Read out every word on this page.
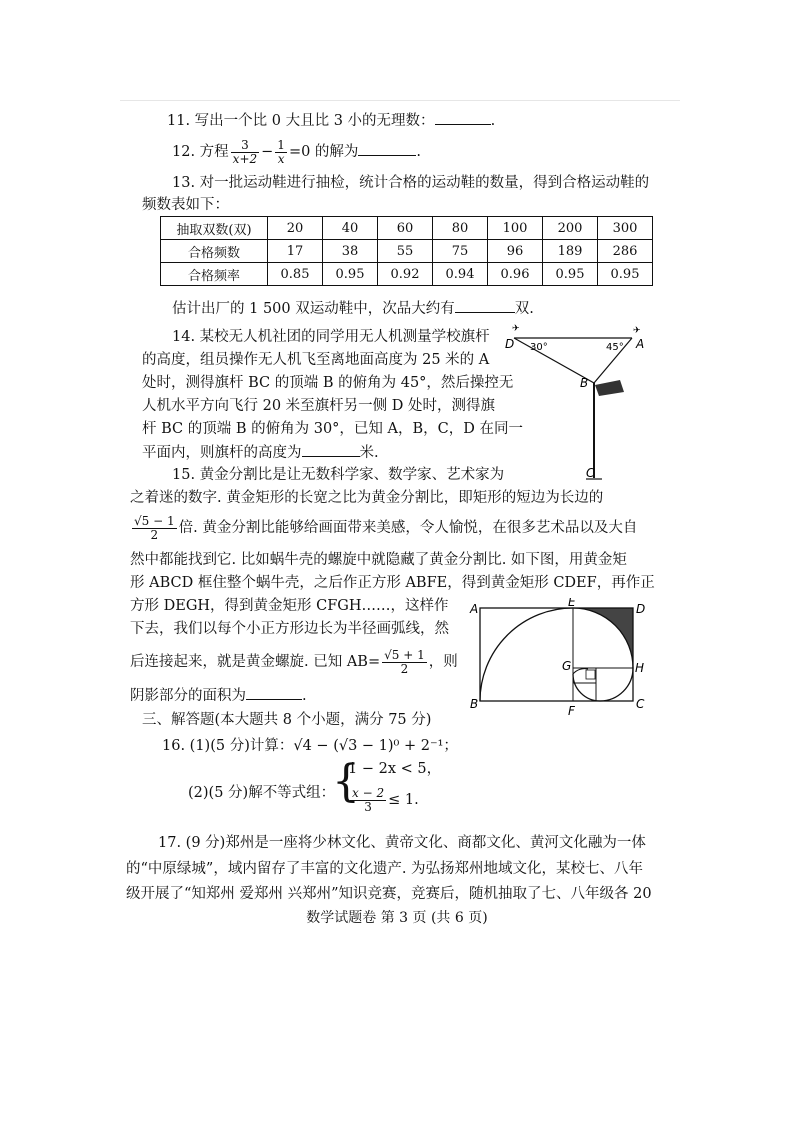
11. 写出一个比 0 大且比 3 小的无理数：	.
12. 方程 $\frac{3}{x+2} - \frac{1}{x} =0$ 的解为	.
13. 对一批运动鞋进行抽检，统计合格的运动鞋的数量，得到合格运动鞋的
频数表如下：
抽取双数(双)	20	40	60	80	100	200	300
合格频数	17	38	55	75	96	189	286
合格频率	0.85	0.95	0.92	0.94	0.96	0.95	0.95
估计出厂的 1 500 双运动鞋中，次品大约有	双.
14. 某校无人机社团的同学用无人机测量学校旗杆
的高度，组员操作无人机飞至离地面高度为 25 米的 A
处时，测得旗杆 BC 的顶端 B 的俯角为 45°，然后操控无
人机水平方向飞行 20 米至旗杆另一侧 D 处时，测得旗
杆 BC 的顶端 B 的俯角为 30°，已知 A，B，C，D 在同一
平面内，则旗杆的高度为	米.
✈	✈
D	A
B
C
30°	45°
15. 黄金分割比是让无数科学家、数学家、艺术家为
之着迷的数字. 黄金矩形的长宽之比为黄金分割比，即矩形的短边为长边的
$\frac{√5 - 1}{2}$ 倍. 黄金分割比能够给画面带来美感，令人愉悦，在很多艺术品以及大自
然中都能找到它. 比如蜗牛壳的螺旋中就隐藏了黄金分割比. 如下图，用黄金矩
形 ABCD 框住整个蜗牛壳，之后作正方形 ABFE，得到黄金矩形 CDEF，再作正
方形 DEGH，得到黄金矩形 CFGH……，这样作
下去，我们以每个小正方形边长为半径画弧线，然
后连接起来，就是黄金螺旋. 已知 $AB= \frac{√5 + 1}{2}$ ，则
阴影部分的面积为	.
A	E	D
B	F	C
G	H
三、解答题(本大题共 8 个小题，满分 75 分)
16. (1)(5 分)计算：√4 − (√3 − 1)⁰ + 2⁻¹；
(2)(5 分)解不等式组：
{
1 − 2x < 5，
$\frac{x - 2}{3} \le 1$.
17. (9 分)郑州是一座将少林文化、黄帝文化、商都文化、黄河文化融为一体
的“中原绿城”，域内留存了丰富的文化遗产. 为弘扬郑州地域文化，某校七、八年
级开展了“知郑州 爱郑州 兴郑州”知识竞赛，竞赛后，随机抽取了七、八年级各 20
数学试题卷 第 3 页 (共 6 页)
